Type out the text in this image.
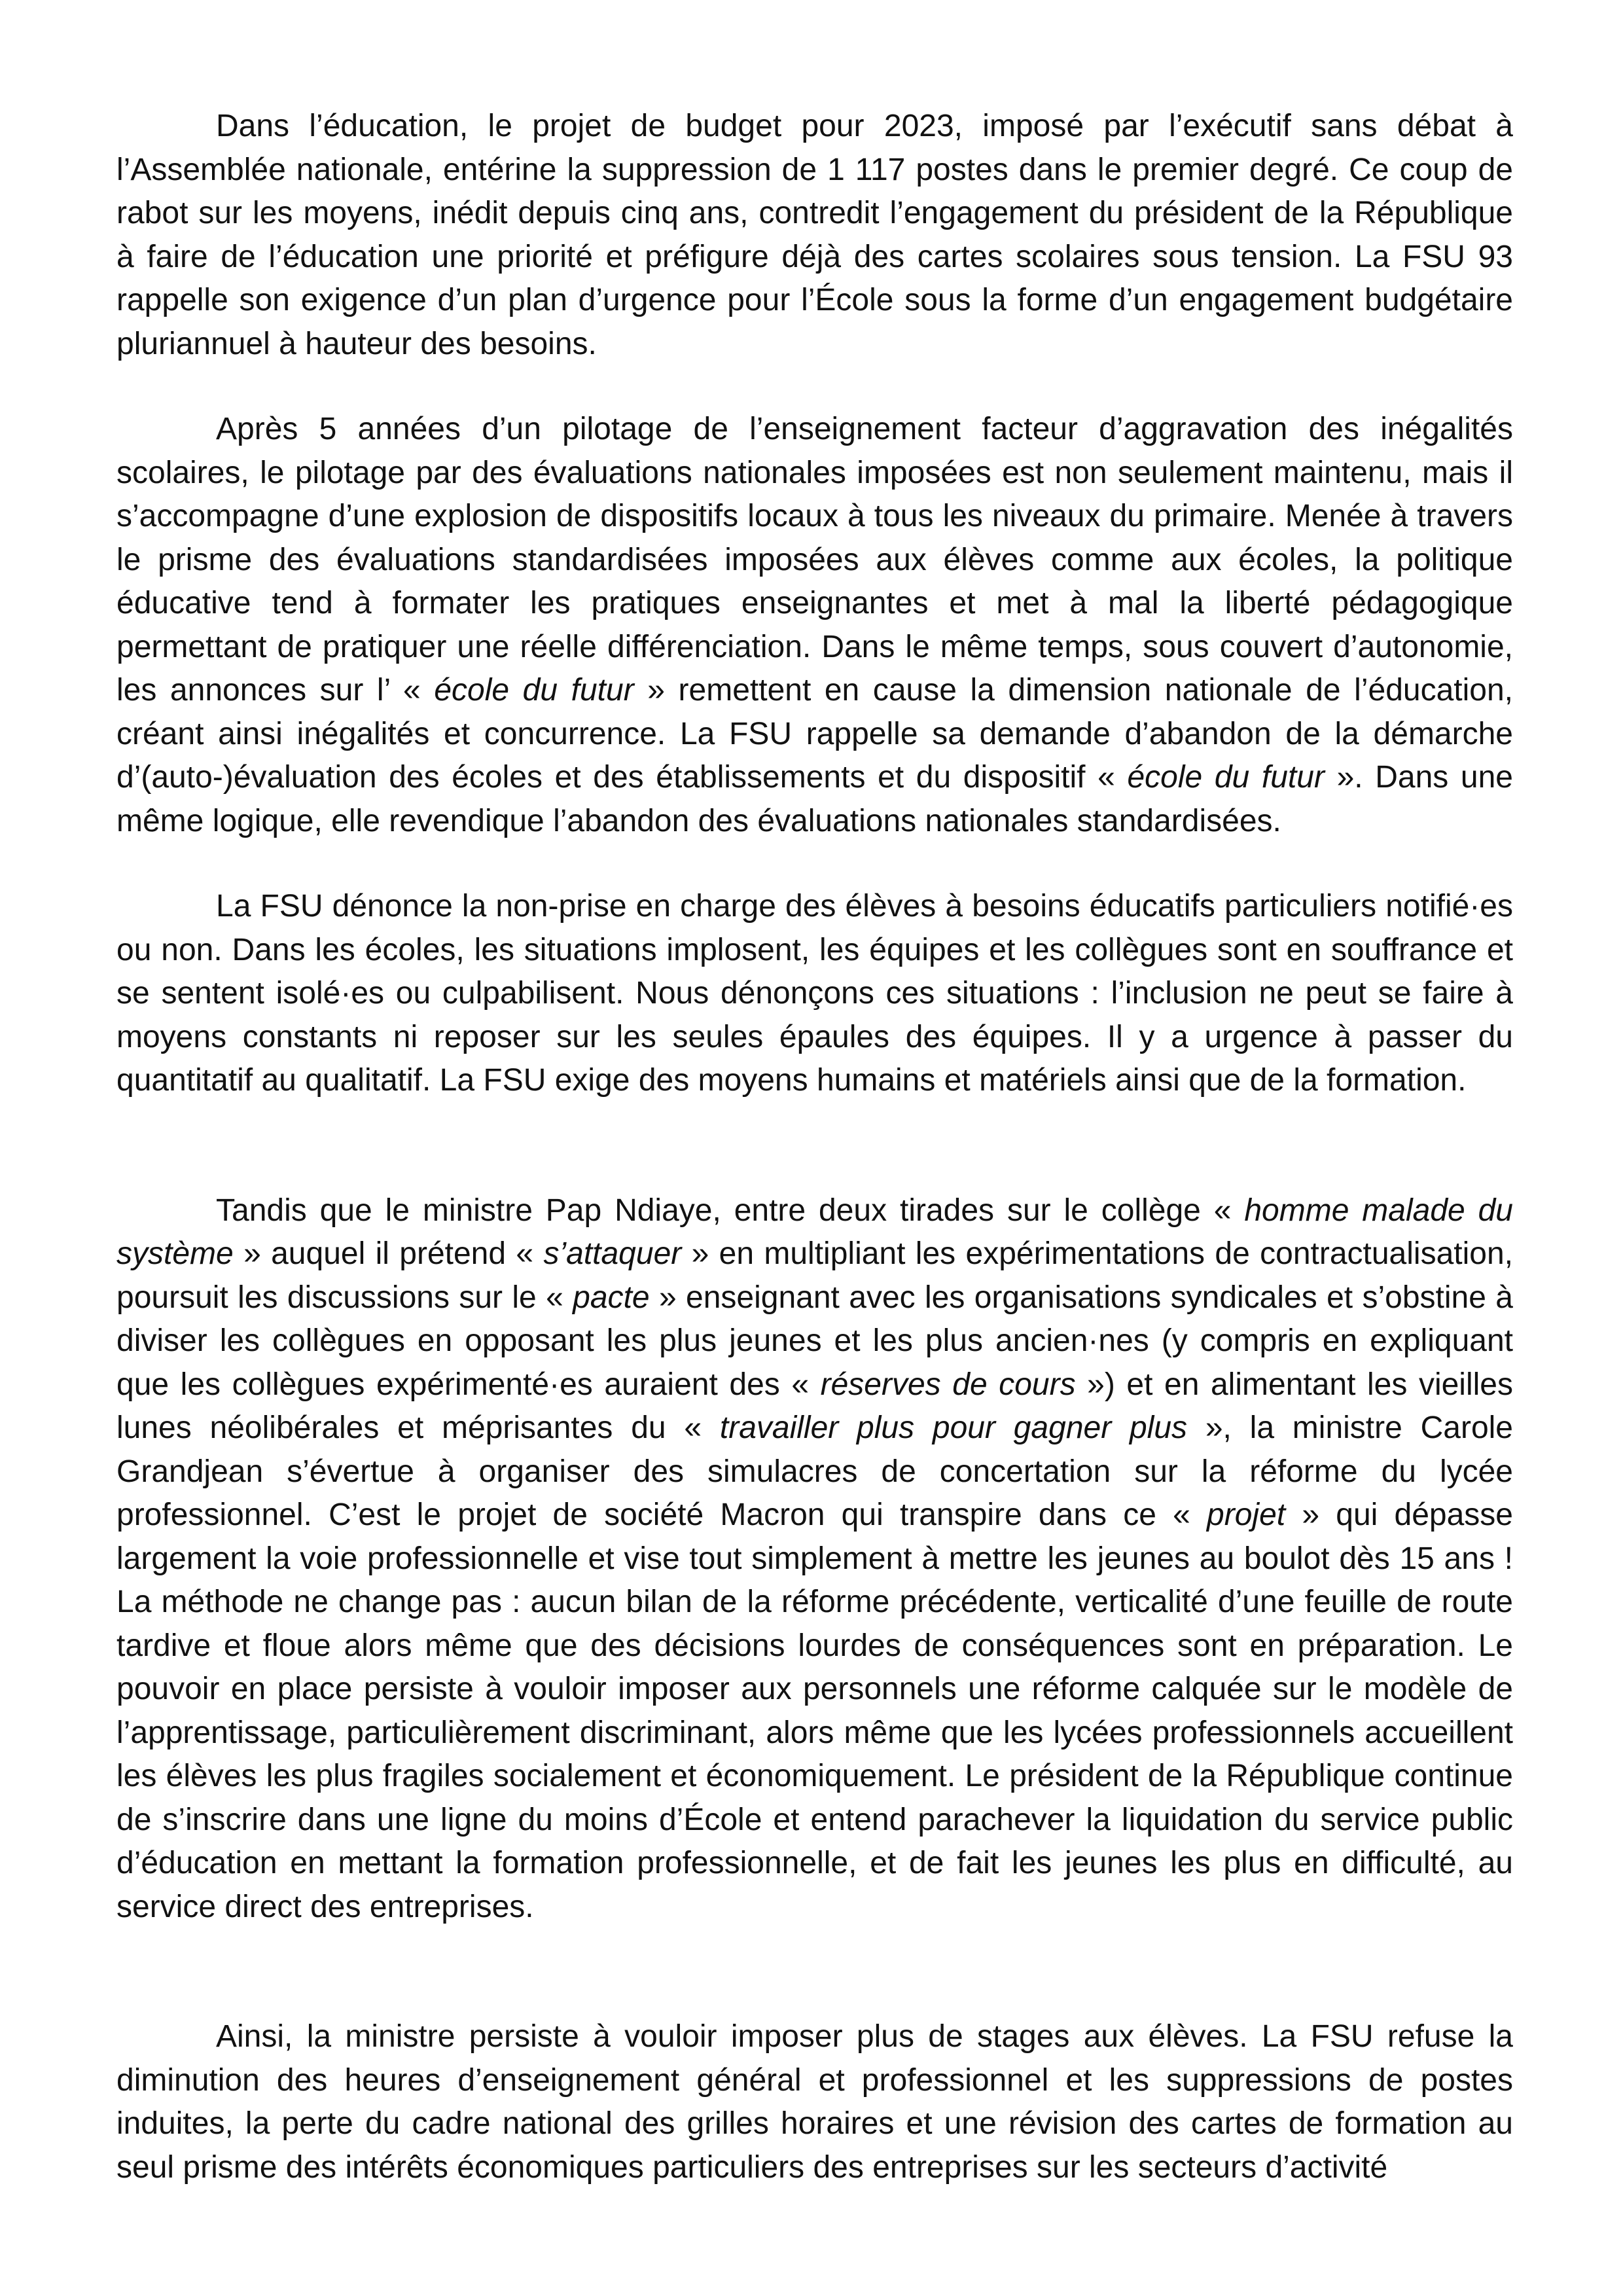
Dans l’éducation, le projet de budget pour 2023, imposé par l’exécutif sans débat à l’Assemblée nationale, entérine la suppression de 1 117 postes dans le premier degré. Ce coup de rabot sur les moyens, inédit depuis cinq ans, contredit l’engagement du président de la République à faire de l’éducation une priorité et préfigure déjà des cartes scolaires sous tension. La FSU 93 rappelle son exigence d’un plan d’urgence pour l’École sous la forme d’un engagement budgétaire pluriannuel à hauteur des besoins.

Après 5 années d’un pilotage de l’enseignement facteur d’aggravation des inégalités scolaires, le pilotage par des évaluations nationales imposées est non seulement maintenu, mais il s’accompagne d’une explosion de dispositifs locaux à tous les niveaux du primaire. Menée à travers le prisme des évaluations standardisées imposées aux élèves comme aux écoles, la politique éducative tend à formater les pratiques enseignantes et met à mal la liberté pédagogique permettant de pratiquer une réelle différenciation. Dans le même temps, sous couvert d’autonomie, les annonces sur l’ « école du futur » remettent en cause la dimension nationale de l’éducation, créant ainsi inégalités et concurrence. La FSU rappelle sa demande d’abandon de la démarche d’(auto-)évaluation des écoles et des établissements et du dispositif « école du futur ». Dans une même logique, elle revendique l’abandon des évaluations nationales standardisées.

La FSU dénonce la non-prise en charge des élèves à besoins éducatifs particuliers notifié·es ou non. Dans les écoles, les situations implosent, les équipes et les collègues sont en souffrance et se sentent isolé·es ou culpabilisent. Nous dénonçons ces situations : l’inclusion ne peut se faire à moyens constants ni reposer sur les seules épaules des équipes. Il y a urgence à passer du quantitatif au qualitatif. La FSU exige des moyens humains et matériels ainsi que de la formation.

Tandis que le ministre Pap Ndiaye, entre deux tirades sur le collège « homme malade du système » auquel il prétend « s’attaquer » en multipliant les expérimentations de contractualisation, poursuit les discussions sur le « pacte » enseignant avec les organisations syndicales et s’obstine à diviser les collègues en opposant les plus jeunes et les plus ancien·nes (y compris en expliquant que les collègues expérimenté·es auraient des « réserves de cours ») et en alimentant les vieilles lunes néolibérales et méprisantes du « travailler plus pour gagner plus », la ministre Carole Grandjean s’évertue à organiser des simulacres de concertation sur la réforme du lycée professionnel. C’est le projet de société Macron qui transpire dans ce « projet » qui dépasse largement la voie professionnelle et vise tout simplement à mettre les jeunes au boulot dès 15 ans ! La méthode ne change pas : aucun bilan de la réforme précédente, verticalité d’une feuille de route tardive et floue alors même que des décisions lourdes de conséquences sont en préparation. Le pouvoir en place persiste à vouloir imposer aux personnels une réforme calquée sur le modèle de l’apprentissage, particulièrement discriminant, alors même que les lycées professionnels accueillent les élèves les plus fragiles socialement et économiquement. Le président de la République continue de s’inscrire dans une ligne du moins d’École et entend parachever la liquidation du service public d’éducation en mettant la formation professionnelle, et de fait les jeunes les plus en difficulté, au service direct des entreprises.

Ainsi, la ministre persiste à vouloir imposer plus de stages aux élèves. La FSU refuse la diminution des heures d’enseignement général et professionnel et les suppressions de postes induites, la perte du cadre national des grilles horaires et une révision des cartes de formation au seul prisme des intérêts économiques particuliers des entreprises sur les secteurs d’activité
